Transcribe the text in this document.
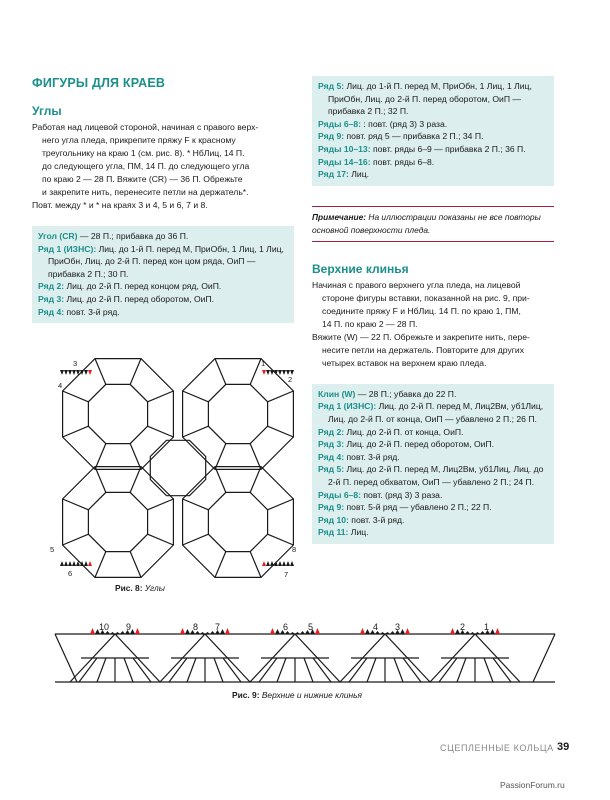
ФИГУРЫ ДЛЯ КРАЕВ
Углы
Работая над лицевой стороной, начиная с правого верх-
него угла пледа, прикрепите пряжу F к красному
треугольнику на краю 1 (см. рис. 8). * НбЛиц, 14 П.
до следующего угла, ПМ, 14 П. до следующего угла
по краю 2 — 28 П. Вяжите (CR) — 36 П. Обрежьте
и закрепите нить, перенесите петли на держатель*.
Повт. между * и * на краях 3 и 4, 5 и 6, 7 и 8.
Угол (CR) — 28 П.; прибавка до 36 П.
Ряд 1 (ИЗНС): Лиц. до 1-й П. перед М, ПриОбн, 1 Лиц, 1 Лиц, ПриОбн, Лиц. до 2-й П. перед кон цом ряда, ОиП — прибавка 2 П.; 30 П.
Ряд 2: Лиц. до 2-й П. перед концом ряд, ОиП.
Ряд 3: Лиц. до 2-й П. перед оборотом, ОиП.
Ряд 4: повт. 3-й ряд.
1
2
3
4
5
6	7
8
Рис. 8: Углы
Ряд 5: Лиц. до 1-й П. перед М, ПриОбн, 1 Лиц, 1 Лиц, ПриОбн, Лиц. до 2-й П. перед оборотом, ОиП — прибавка 2 П.; 32 П.
Ряды 6–8: : повт. (ряд 3) 3 раза.
Ряд 9: повт. ряд 5 — прибавка 2 П.; 34 П.
Ряды 10–13: повт. ряды 6–9 — прибавка 2 П.; 36 П.
Ряды 14–16: повт. ряды 6–8.
Ряд 17: Лиц.
Примечание: На иллюстрации показаны не все повторы основной поверхности пледа.
Верхние клинья
Начиная с правого верхнего угла пледа, на лицевой
стороне фигуры вставки, показанной на рис. 9, при-
соедините пряжу F и НбЛиц. 14 П. по краю 1, ПМ,
14 П. по краю 2 — 28 П.
Вяжите (W) — 22 П. Обрежьте и закрепите нить, пере-
несите петли на держатель. Повторите для других
четырех вставок на верхнем краю пледа.
Клин (W) — 28 П.; убавка до 22 П.
Ряд 1 (ИЗНС): Лиц. до 2-й П. перед М, Лиц2Вм, уб1Лиц, Лиц. до 2-й П. от конца, ОиП — убавлено 2 П.; 26 П.
Ряд 2: Лиц. до 2-й П. от конца, ОиП.
Ряд 3: Лиц. до 2-й П. перед оборотом, ОиП.
Ряд 4: повт. 3-й ряд.
Ряд 5: Лиц. до 2-й П. перед М, Лиц2Вм, уб1Лиц, Лиц. до 2-й П. перед обхватом, ОиП — убавлено 2 П.; 24 П.
Ряды 6–8: повт. (ряд 3) 3 раза.
Ряд 9: повт. 5-й ряд — убавлено 2 П.; 22 П.
Ряд 10: повт. 3-й ряд.
Ряд 11: Лиц.
10 9	8 7	6 5	4 3	2 1
Рис. 9: Верхние и нижние клинья
СЦЕПЛЕННЫЕ КОЛЬЦА 39
PassionForum.ru
